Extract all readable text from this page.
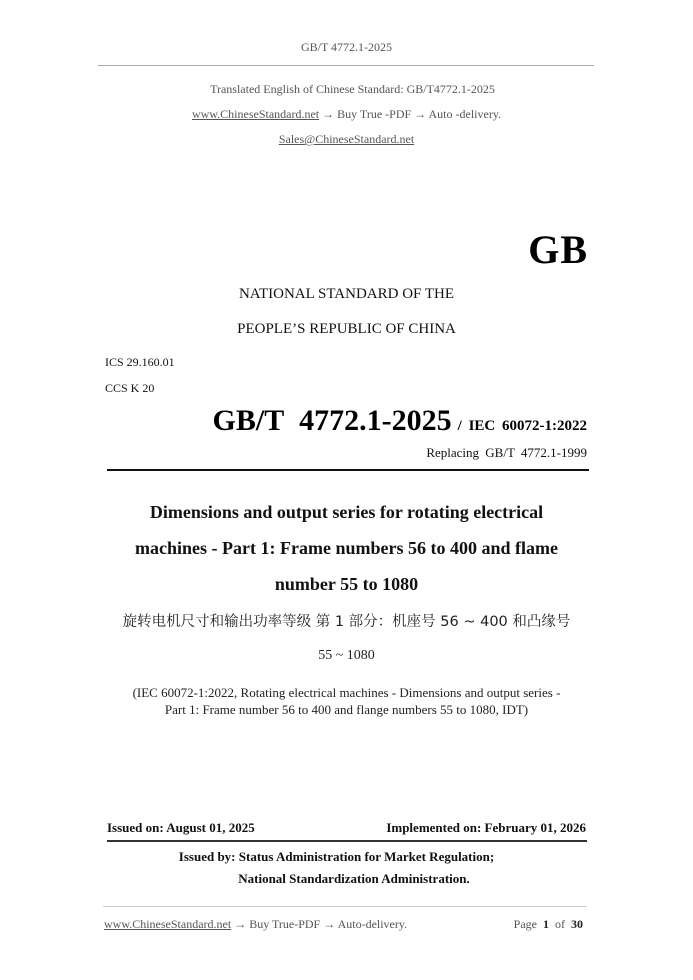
GB/T 4772.1-2025
Translated English of Chinese Standard: GB/T4772.1-2025
www.ChineseStandard.net → Buy True -PDF → Auto -delivery.
Sales@ChineseStandard.net
GB
NATIONAL STANDARD OF THE
PEOPLE’S REPUBLIC OF CHINA
ICS 29.160.01
CCS K 20
GB/T 4772.1-2025 / IEC 60072-1:2022
Replacing GB/T 4772.1-1999
Dimensions and output series for rotating electrical
machines - Part 1: Frame numbers 56 to 400 and flame
number 55 to 1080
旋转电机尺寸和输出功率等级 第 1 部分：机座号 56 ~ 400 和凸缘号
55 ~ 1080
(IEC 60072-1:2022, Rotating electrical machines - Dimensions and output series -
Part 1: Frame number 56 to 400 and flange numbers 55 to 1080, IDT)
Issued on: August 01, 2025	Implemented on: February 01, 2026
Issued by: Status Administration for Market Regulation;
National Standardization Administration.
www.ChineseStandard.net → Buy True-PDF → Auto-delivery.	Page 1 of 30
